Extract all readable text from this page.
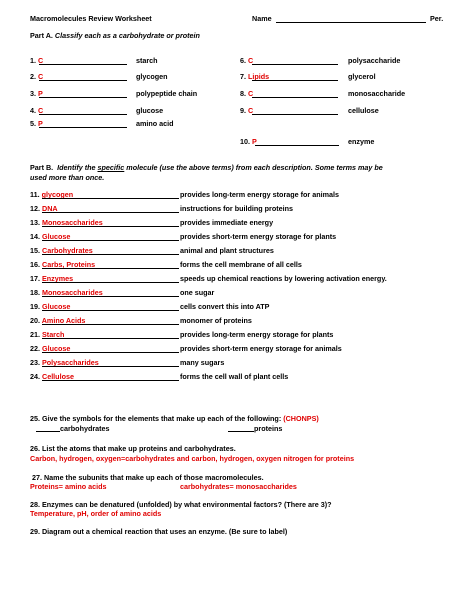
Macromolecules Review Worksheet	Name	Per.
Part A. Classify each as a carbohydrate or protein
1. C	starch
2. C	glycogen
3. P	polypeptide chain
4. C	glucose
5. P	amino acid
6. C	polysaccharide
7. Lipids	glycerol
8. C	monosaccharide
9. C	cellulose
10. P	enzyme
Part B. Identify the specific molecule (use the above terms) from each description. Some terms may be
used more than once.
11. glycogen	provides long-term energy storage for animals
12. DNA	instructions for building proteins
13. Monosaccharides	provides immediate energy
14. Glucose	provides short-term energy storage for plants
15. Carbohydrates	animal and plant structures
16. Carbs, Proteins	forms the cell membrane of all cells
17. Enzymes	speeds up chemical reactions by lowering activation energy.
18. Monosaccharides	one sugar
19. Glucose	cells convert this into ATP
20. Amino Acids	monomer of proteins
21. Starch	provides long-term energy storage for plants
22. Glucose	provides short-term energy storage for animals
23. Polysaccharides	many sugars
24. Cellulose	forms the cell wall of plant cells
25. Give the symbols for the elements that make up each of the following: (CHONPS)
carbohydrates	proteins
26. List the atoms that make up proteins and carbohydrates.
Carbon, hydrogen, oxygen=carbohydrates and carbon, hydrogen, oxygen nitrogen for proteins
27. Name the subunits that make up each of those macromolecules.
Proteins= amino acids	carbohydrates= monosaccharides
28. Enzymes can be denatured (unfolded) by what environmental factors? (There are 3)?
Temperature, pH, order of amino acids
29. Diagram out a chemical reaction that uses an enzyme. (Be sure to label)
